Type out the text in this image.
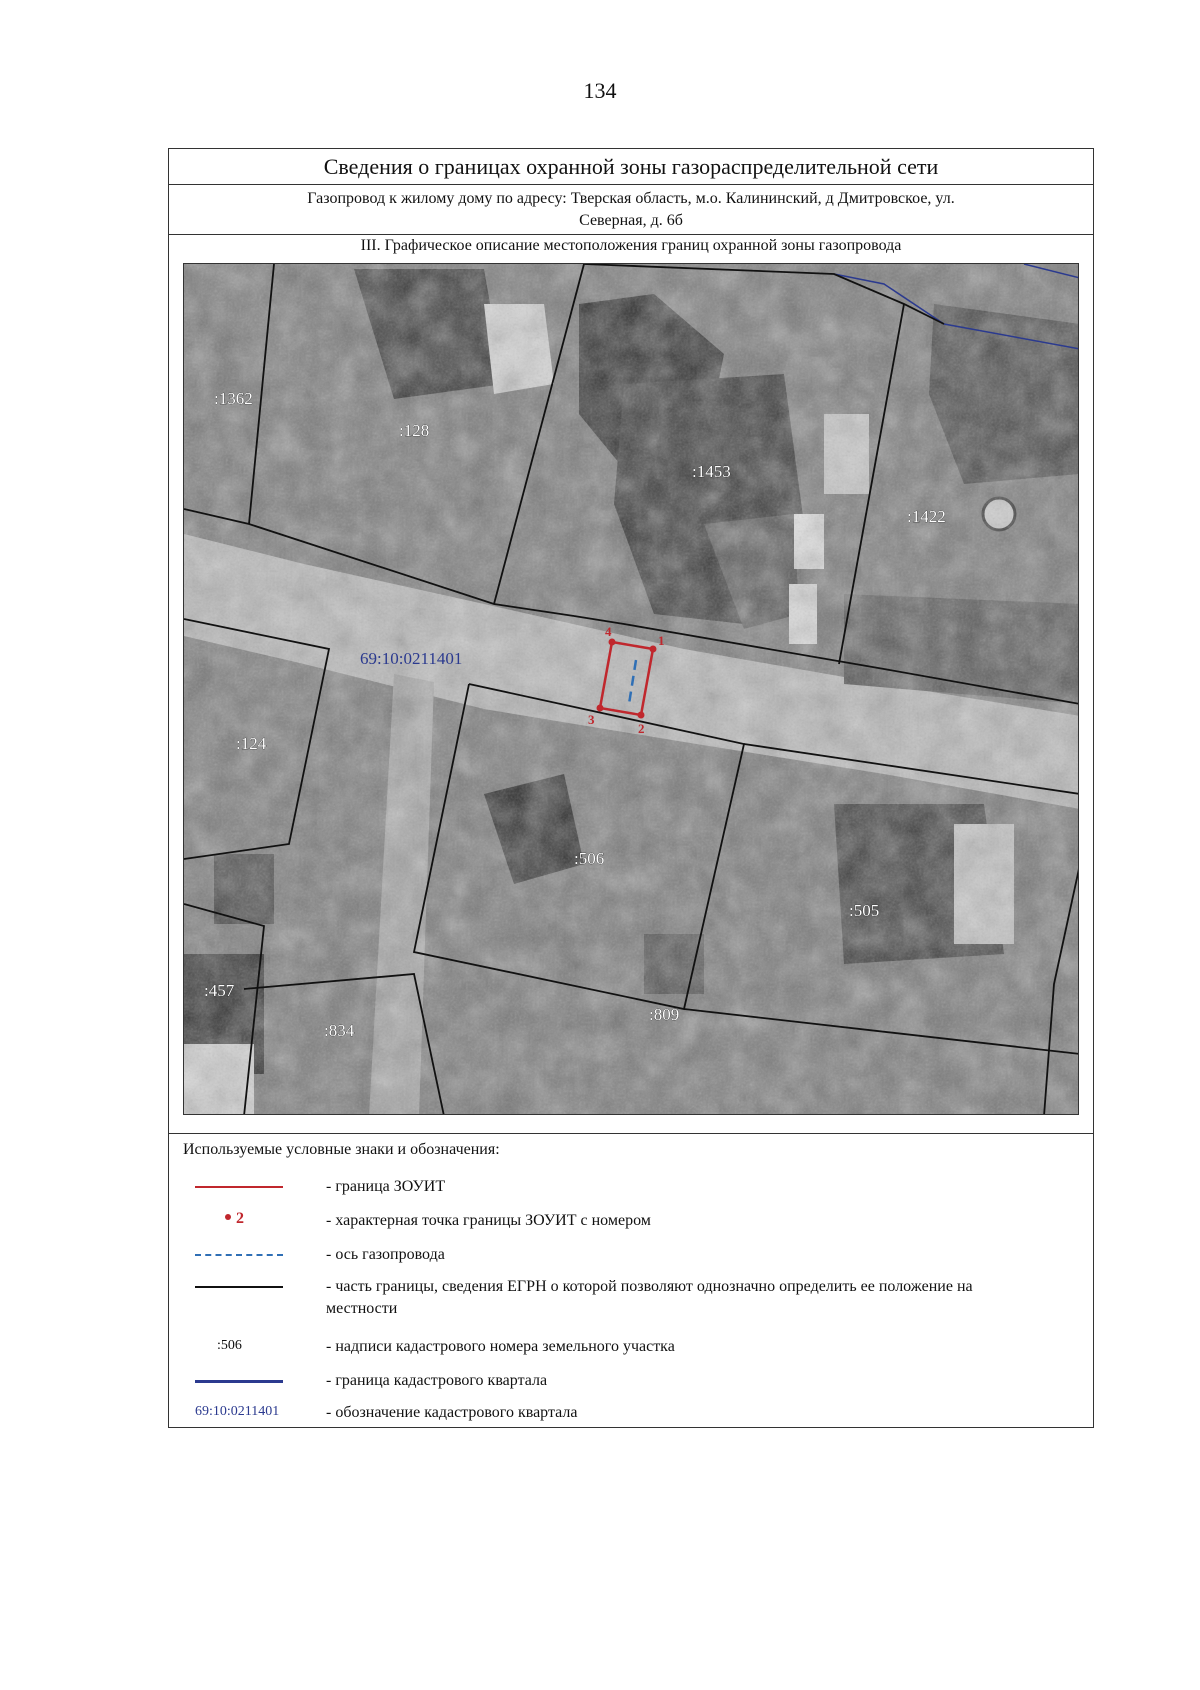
134
Сведения о границах охранной зоны газораспределительной сети
Газопровод к жилому дому по адресу: Тверская область, м.о. Калининский, д Дмитровское, ул.
Северная, д. 6б
III. Графическое описание местоположения границ охранной зоны газопровода
1
2
3
4
69:10:0211401
:1362
:128
:1453
:1422
:124
:506
:505
:457
:834
:809
Используемые условные знаки и обозначения:
- граница ЗОУИТ
2	- характерная точка границы ЗОУИТ с номером
- ось газопровода
- часть границы, сведения ЕГРН о которой позволяют однозначно определить ее положение на местности
:506	- надписи кадастрового номера земельного участка
- граница кадастрового квартала
69:10:0211401	- обозначение кадастрового квартала
